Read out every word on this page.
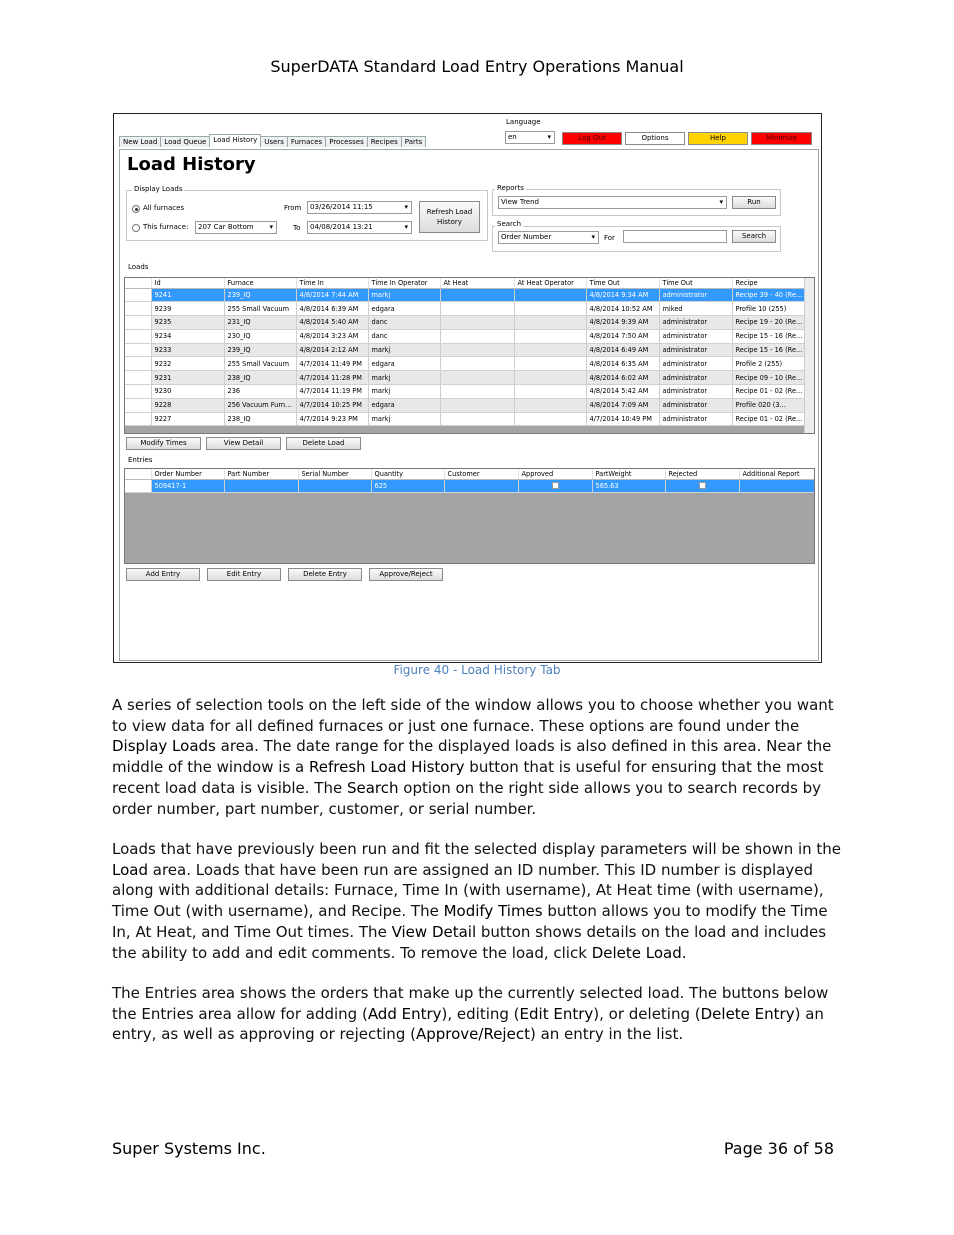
SuperDATA Standard Load Entry Operations Manual
Language
en ▾	Log Out	Options	Help	Minimize
New Load	Load Queue	Load History	Users	Furnaces	Processes	Recipes	Parts
Load History
Display Loads
All furnaces
This furnace:	207 Car Bottom ▾
From	03/26/2014 11:15 ▾
To	04/08/2014 13:21 ▾
Refresh Load
History
Reports
View Trend ▾	Run
Search
Order Number ▾	For	Search
Loads
	Id	Furnace	Time In	Time In Operator	At Heat	At Heat Operator	Time Out	Time Out	Recipe
▸	9241	239_IQ	4/8/2014 7:44 AM	markj			4/8/2014 9:34 AM	administrator	Recipe 39 - 40 (Re...
	9239	255 Small Vacuum	4/8/2014 6:39 AM	edgara			4/8/2014 10:52 AM	miked	Profile 10 (255)
	9235	231_IQ	4/8/2014 5:40 AM	danc			4/8/2014 9:39 AM	administrator	Recipe 19 - 20 (Re...
	9234	230_IQ	4/8/2014 3:23 AM	danc			4/8/2014 7:50 AM	administrator	Recipe 15 - 16 (Re...
	9233	239_IQ	4/8/2014 2:12 AM	markj			4/8/2014 6:49 AM	administrator	Recipe 15 - 16 (Re...
	9232	255 Small Vacuum	4/7/2014 11:49 PM	edgara			4/8/2014 6:35 AM	administrator	Profile 2 (255)
	9231	238_IQ	4/7/2014 11:28 PM	markj			4/8/2014 6:02 AM	administrator	Recipe 09 - 10 (Re...
	9230	236	4/7/2014 11:19 PM	markj			4/8/2014 5:42 AM	administrator	Recipe 01 - 02 (Re...
	9228	256 Vacuum Furn...	4/7/2014 10:25 PM	edgara			4/8/2014 7:09 AM	administrator	Profile 020 (3...
	9227	238_IQ	4/7/2014 9:23 PM	markj			4/7/2014 10:49 PM	administrator	Recipe 01 - 02 (Re...
Modify Times	View Detail	Delete Load
Entries
	Order Number	Part Number	Serial Number	Quantity	Customer	Approved	PartWeight	Rejected	Additional Report
	509417-1			625			565.63		
Add Entry	Edit Entry	Delete Entry	Approve/Reject
Figure 40 - Load History Tab

A series of selection tools on the left side of the window allows you to choose whether you want to view data for all defined furnaces or just one furnace. These options are found under the Display Loads area. The date range for the displayed loads is also defined in this area. Near the middle of the window is a Refresh Load History button that is useful for ensuring that the most recent load data is visible. The Search option on the right side allows you to search records by order number, part number, customer, or serial number.

Loads that have previously been run and fit the selected display parameters will be shown in the Load area. Loads that have been run are assigned an ID number. This ID number is displayed along with additional details: Furnace, Time In (with username), At Heat time (with username), Time Out (with username), and Recipe. The Modify Times button allows you to modify the Time In, At Heat, and Time Out times. The View Detail button shows details on the load and includes the ability to add and edit comments. To remove the load, click Delete Load.

The Entries area shows the orders that make up the currently selected load. The buttons below the Entries area allow for adding (Add Entry), editing (Edit Entry), or deleting (Delete Entry) an entry, as well as approving or rejecting (Approve/Reject) an entry in the list.

Super Systems Inc.	Page 36 of 58
